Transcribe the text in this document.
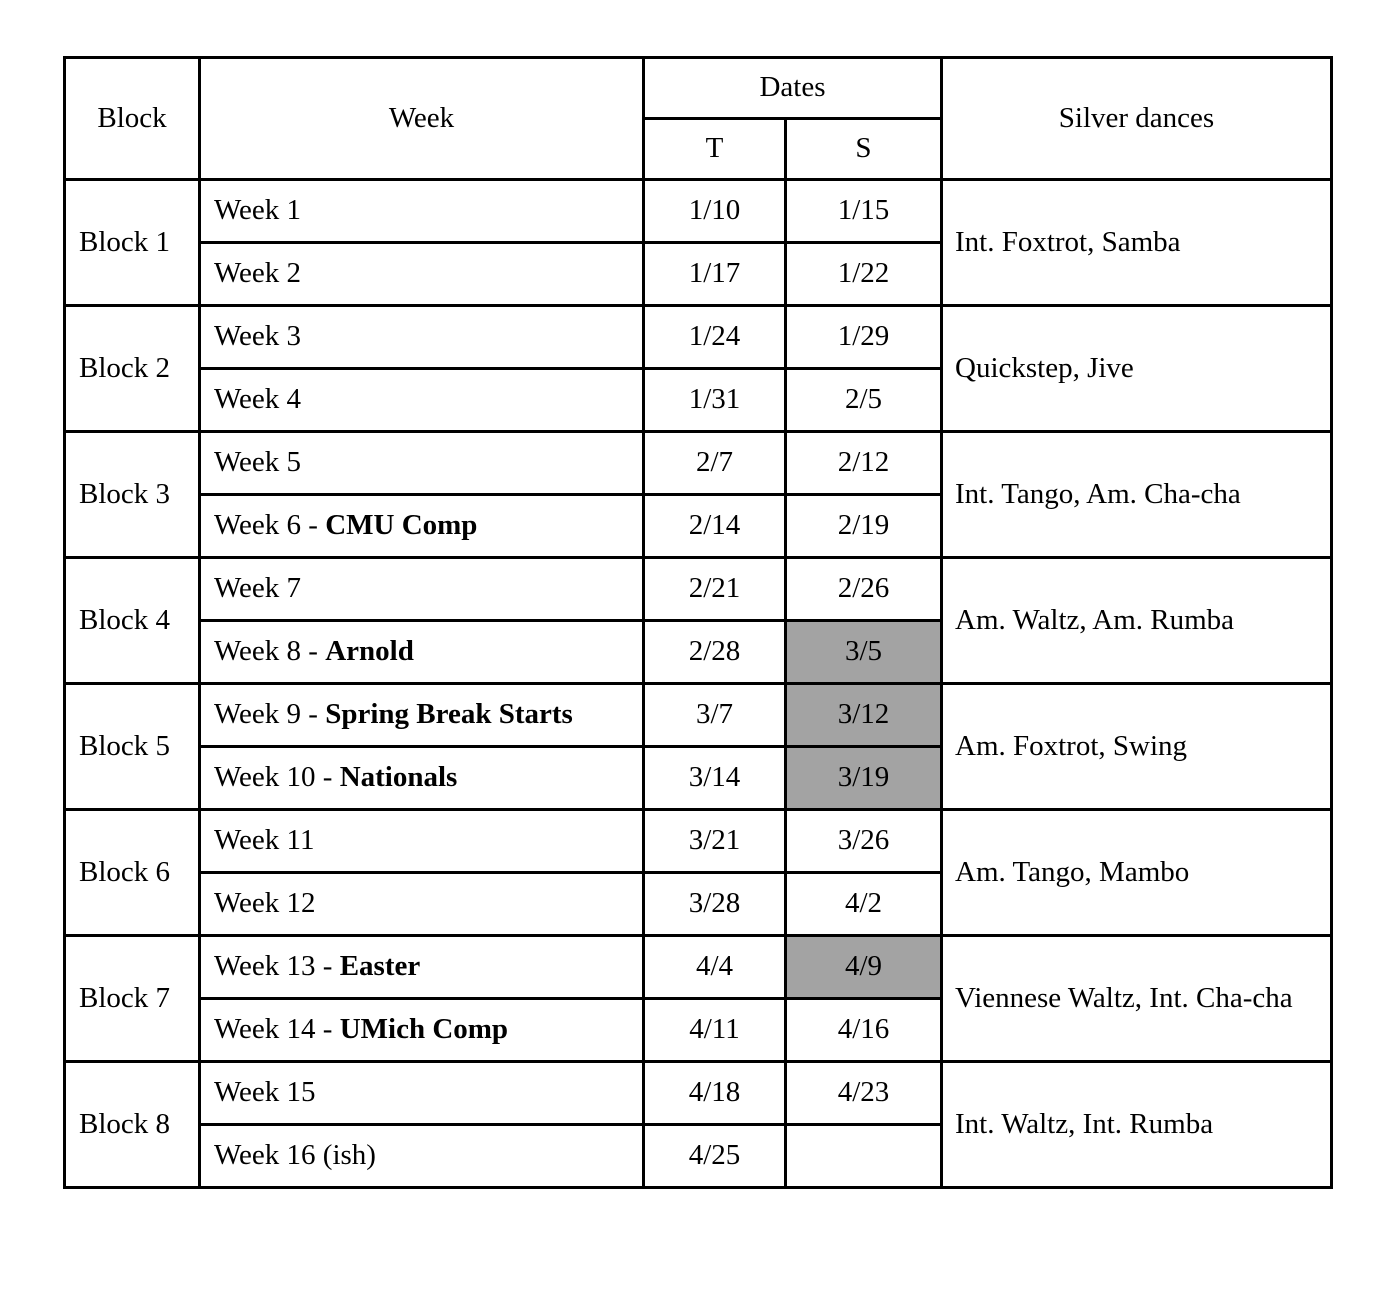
Block	Week	Dates		Silver dances
		T	S	
Block 1	Week 1	1/10	1/15	Int. Foxtrot, Samba
	Week 2	1/17	1/22	
Block 2	Week 3	1/24	1/29	Quickstep, Jive
	Week 4	1/31	2/5	
Block 3	Week 5	2/7	2/12	Int. Tango, Am. Cha-cha
	Week 6 - CMU Comp	2/14	2/19	
Block 4	Week 7	2/21	2/26	Am. Waltz, Am. Rumba
	Week 8 - Arnold	2/28	3/5	
Block 5	Week 9 - Spring Break Starts	3/7	3/12	Am. Foxtrot, Swing
	Week 10 - Nationals	3/14	3/19	
Block 6	Week 11	3/21	3/26	Am. Tango, Mambo
	Week 12	3/28	4/2	
Block 7	Week 13 - Easter	4/4	4/9	Viennese Waltz, Int. Cha-cha
	Week 14 - UMich Comp	4/11	4/16	
Block 8	Week 15	4/18	4/23	Int. Waltz, Int. Rumba
	Week 16 (ish)	4/25		
